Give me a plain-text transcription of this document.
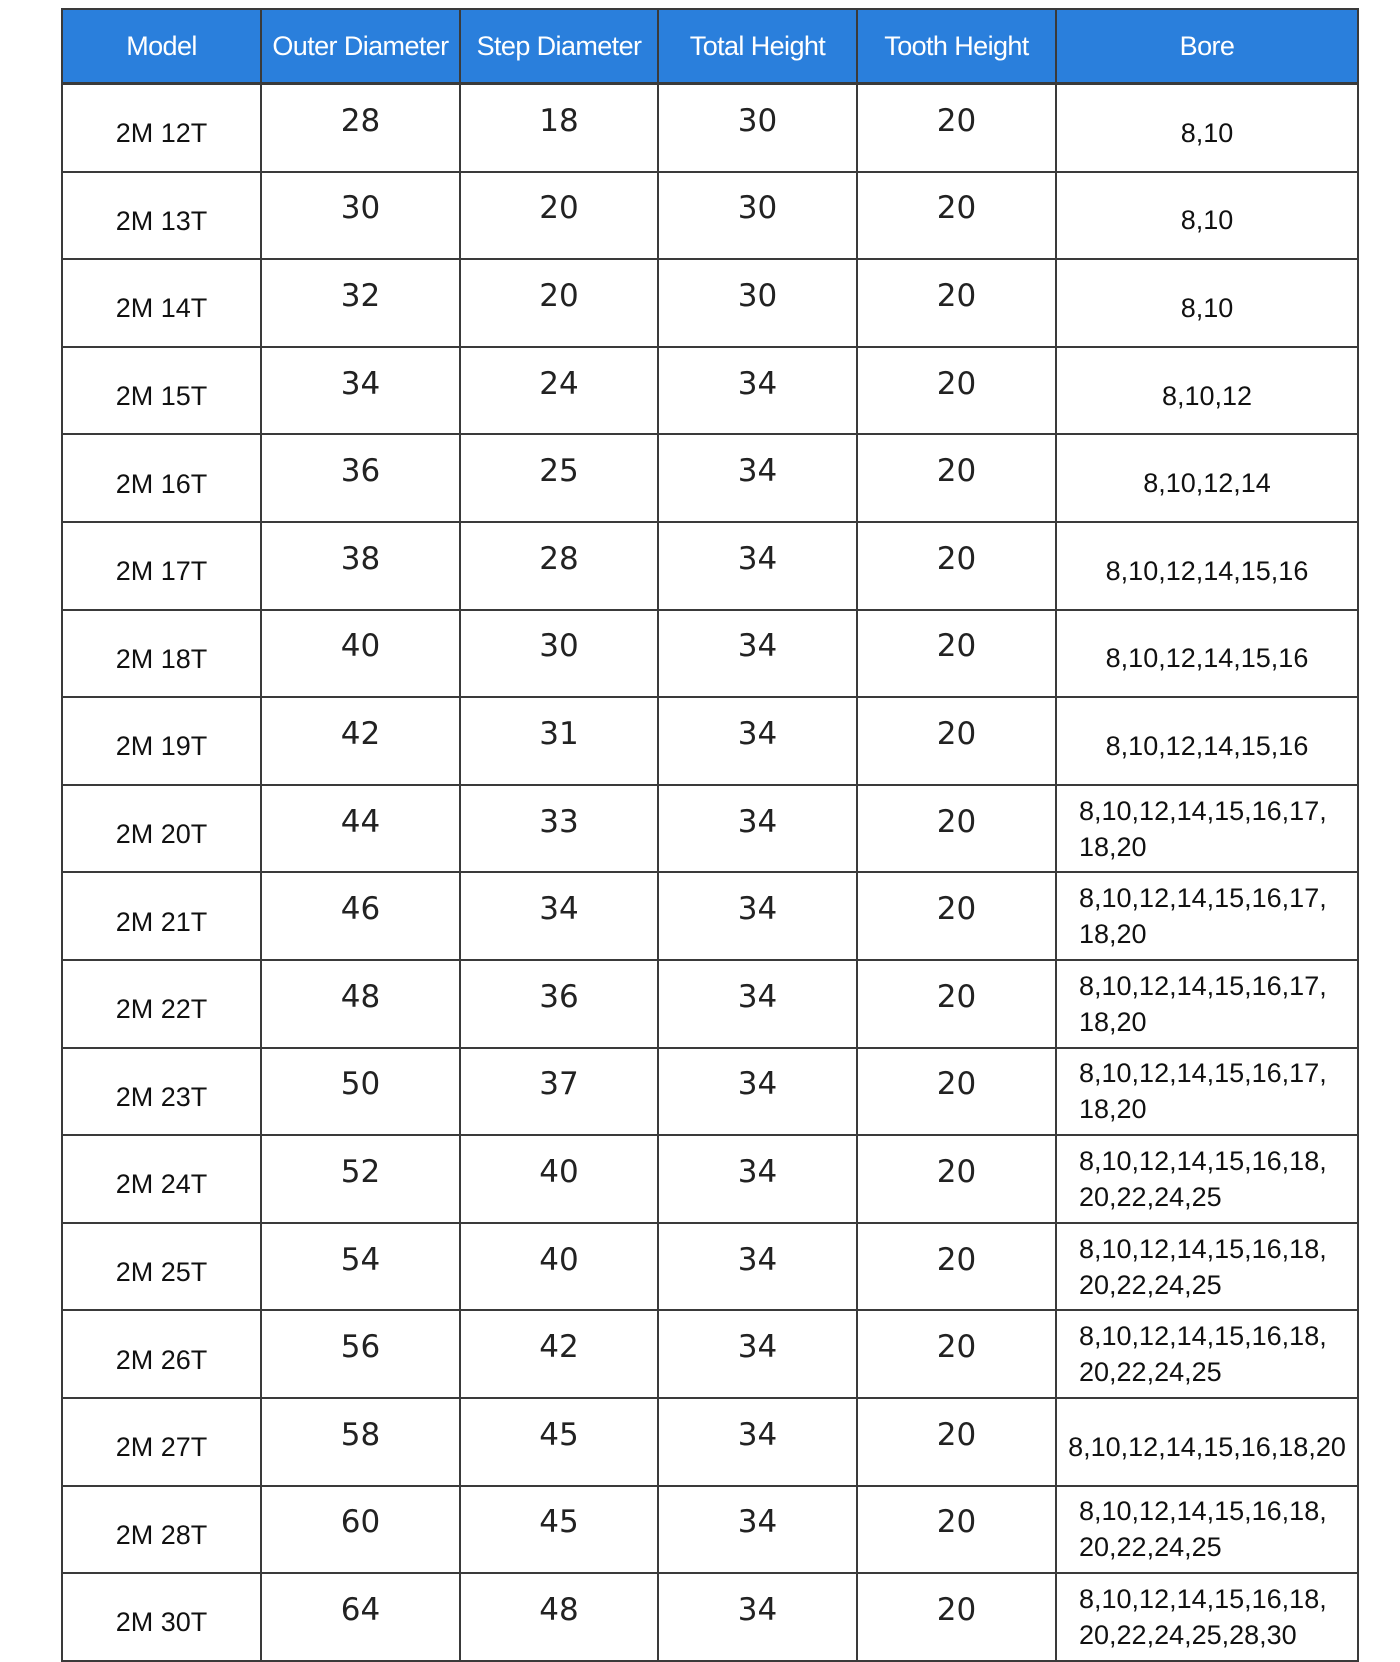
Model	Outer Diameter	Step Diameter	Total Height	Tooth Height	Bore
2M 12T	28	18	30	20	8,10

2M 13T	30	20	30	20	8,10

2M 14T	32	20	30	20	8,10

2M 15T	34	24	34	20	8,10,12

2M 16T	36	25	34	20	8,10,12,14

2M 17T	38	28	34	20	8,10,12,14,15,16

2M 18T	40	30	34	20	8,10,12,14,15,16

2M 19T	42	31	34	20	8,10,12,14,15,16

2M 20T	44	33	34	20	8,10,12,14,15,16,17,
18,20

2M 21T	46	34	34	20	8,10,12,14,15,16,17,
18,20

2M 22T	48	36	34	20	8,10,12,14,15,16,17,
18,20

2M 23T	50	37	34	20	8,10,12,14,15,16,17,
18,20

2M 24T	52	40	34	20	8,10,12,14,15,16,18,
20,22,24,25

2M 25T	54	40	34	20	8,10,12,14,15,16,18,
20,22,24,25

2M 26T	56	42	34	20	8,10,12,14,15,16,18,
20,22,24,25

2M 27T	58	45	34	20	8,10,12,14,15,16,18,20

2M 28T	60	45	34	20	8,10,12,14,15,16,18,
20,22,24,25

2M 30T	64	48	34	20	8,10,12,14,15,16,18,
20,22,24,25,28,30
